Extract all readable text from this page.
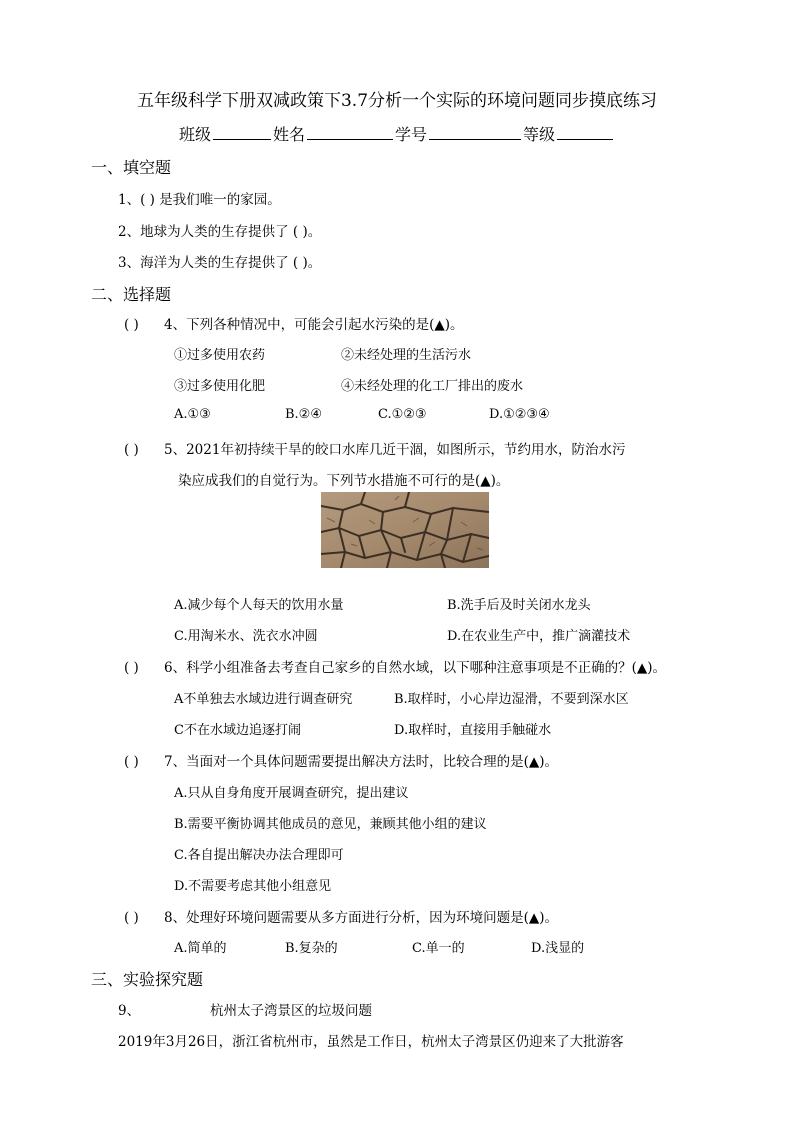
五年级科学下册双减政策下3.7分析一个实际的环境问题同步摸底练习
班级	姓名	学号	等级
一、填空题
1、( ) 是我们唯一的家园。
2、地球为人类的生存提供了 ( )。
3、海洋为人类的生存提供了 ( )。
二、选择题
( ) 4、下列各种情况中，可能会引起水污染的是(▲)。
①过多使用农药	②未经处理的生活污水
③过多使用化肥	④未经处理的化工厂排出的废水
A.①③	B.②④	C.①②③	D.①②③④
( ) 5、2021年初持续干旱的皎口水库几近干涸，如图所示，节约用水，防治水污
染应成我们的自觉行为。下列节水措施不可行的是(▲)。
A.减少每个人每天的饮用水量	B.洗手后及时关闭水龙头
C.用淘米水、洗衣水冲圆	D.在农业生产中，推广滴灌技术
( ) 6、科学小组准备去考查自己家乡的自然水域，以下哪种注意事项是不正确的？(▲)。
A不单独去水域边进行调查研究	B.取样时，小心岸边湿滑，不要到深水区
C不在水域边追逐打闹	D.取样时，直接用手触碰水
( ) 7、当面对一个具体问题需要提出解决方法时，比较合理的是(▲)。
A.只从自身角度开展调查研究，提出建议
B.需要平衡协调其他成员的意见，兼顾其他小组的建议
C.各自提出解决办法合理即可
D.不需要考虑其他小组意见
( ) 8、处理好环境问题需要从多方面进行分析，因为环境问题是(▲)。
A.简单的	B.复杂的	C.单一的	D.浅显的
三、实验探究题
9、	杭州太子湾景区的垃圾问题
2019年3月26日，浙江省杭州市，虽然是工作日，杭州太子湾景区仍迎来了大批游客
